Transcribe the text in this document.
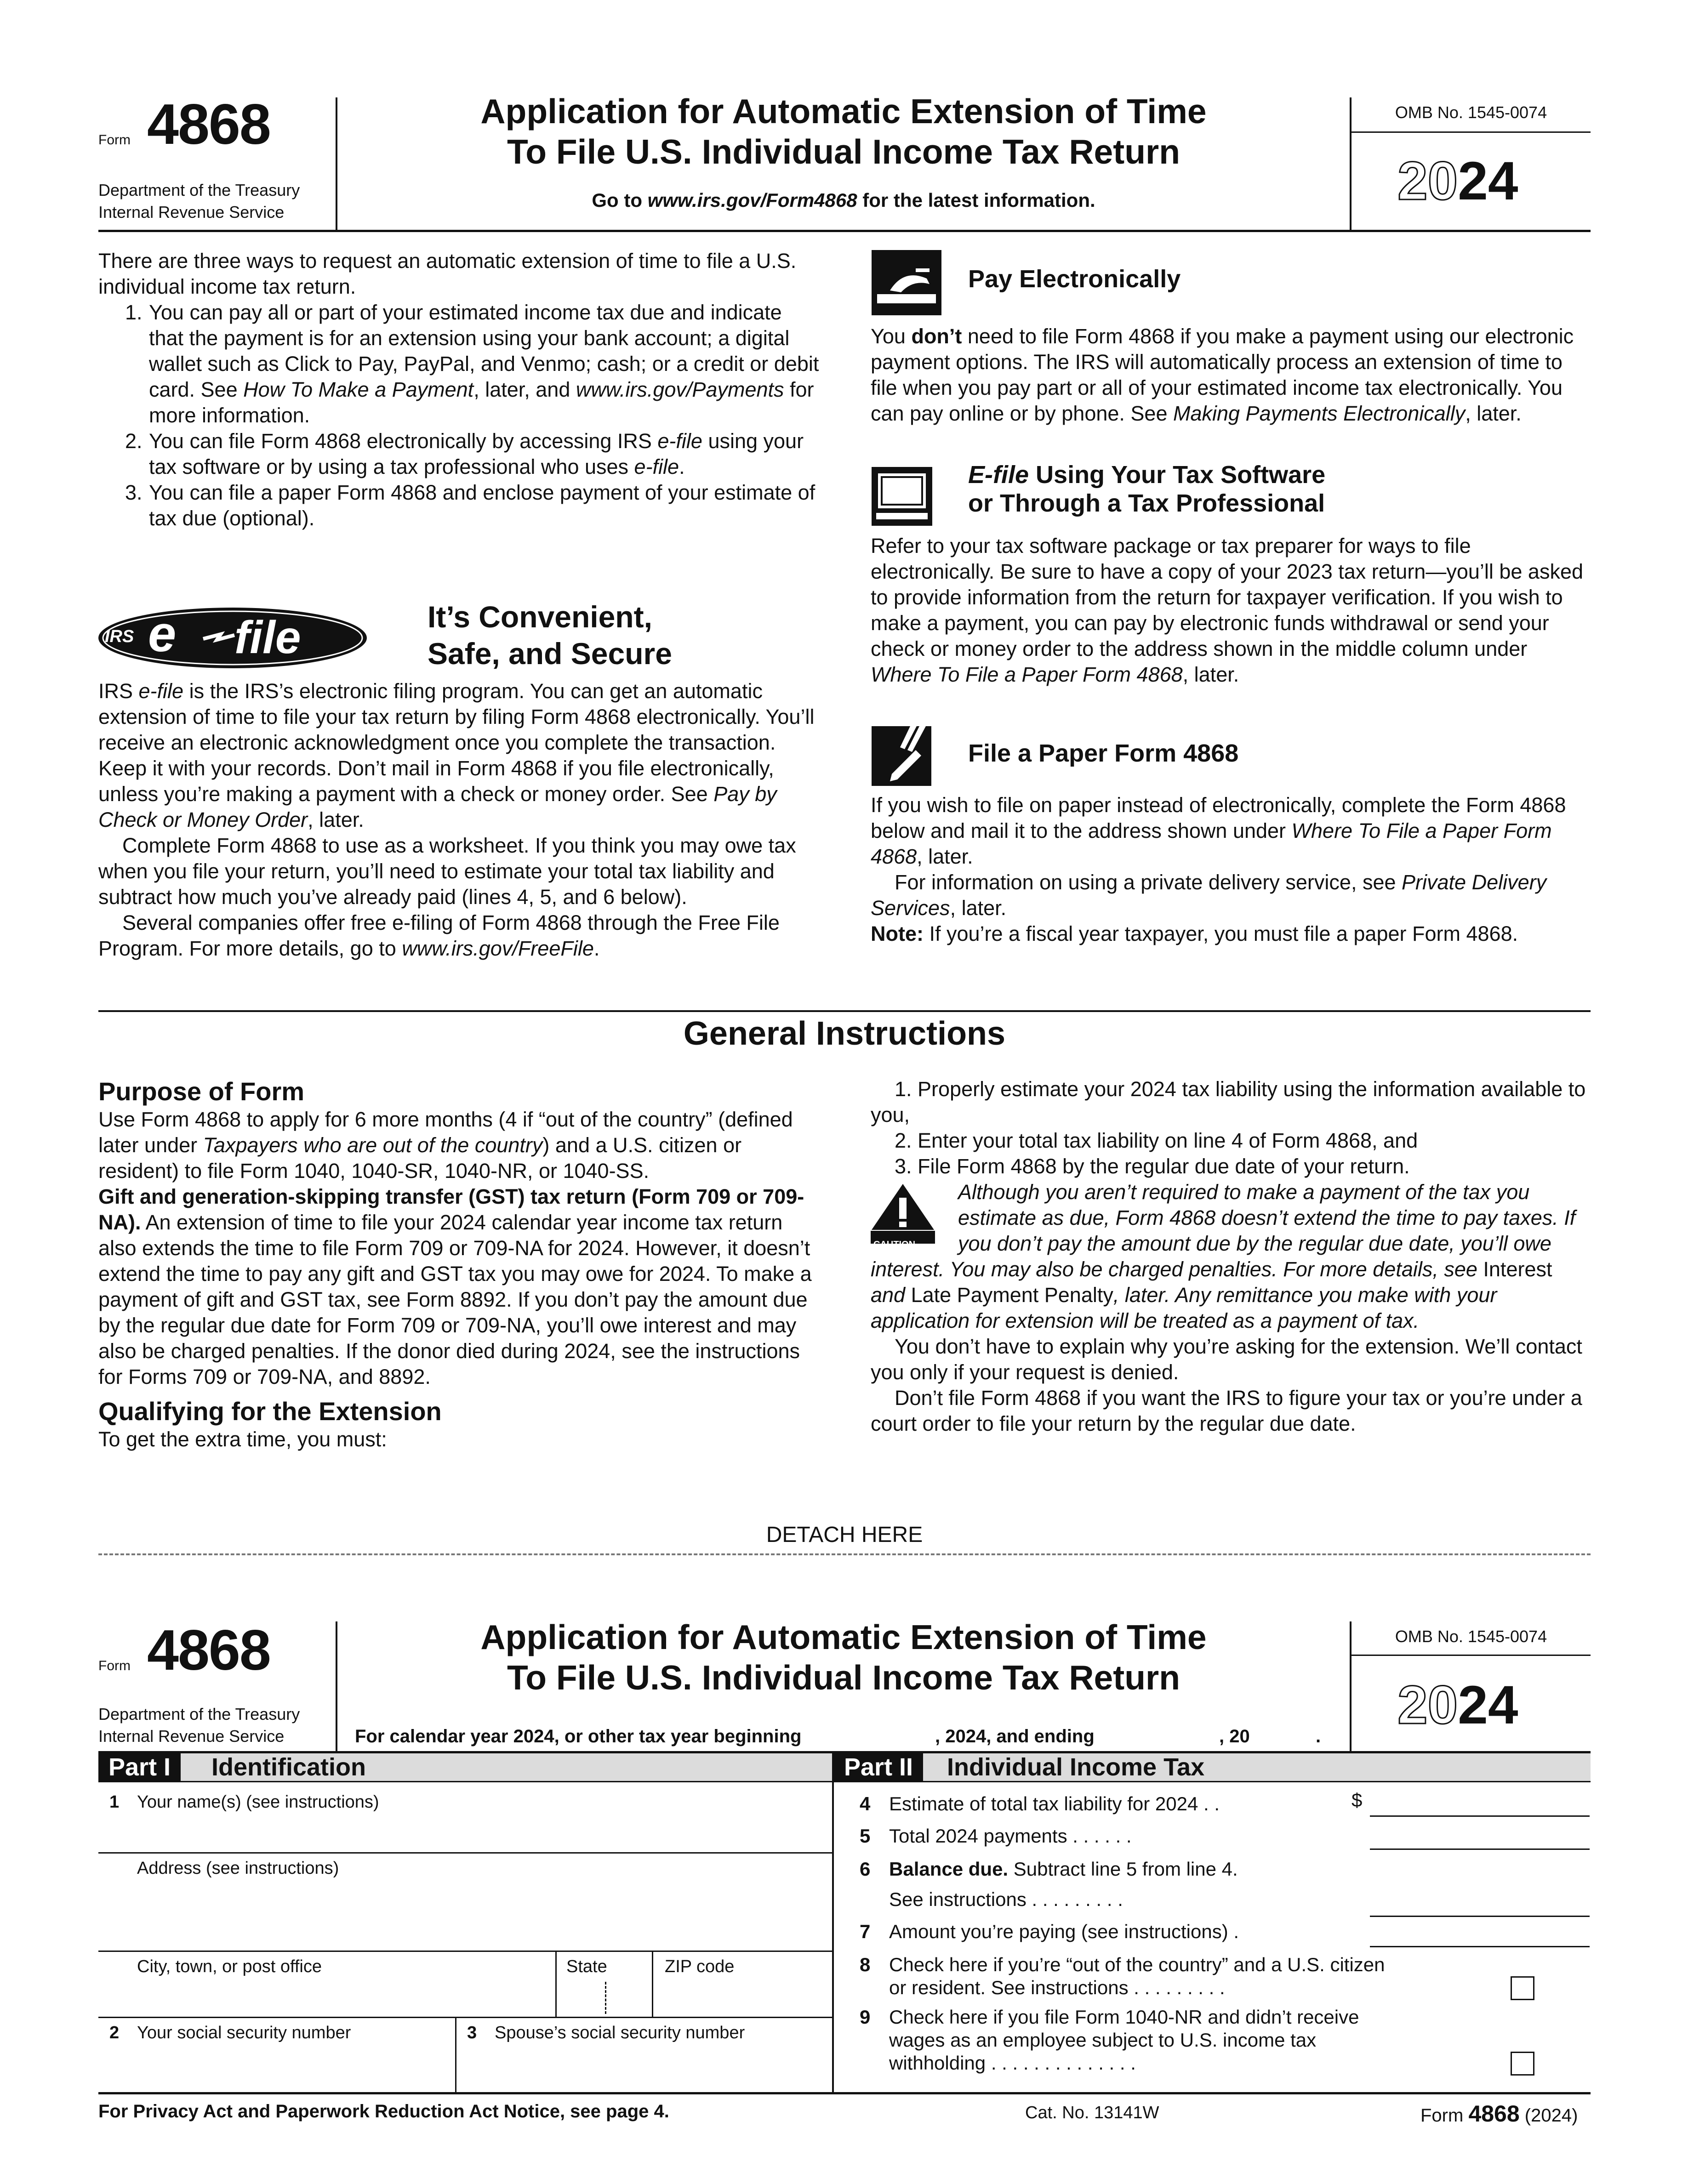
Form 4868
Department of the Treasury
Internal Revenue Service
Application for Automatic Extension of Time
To File U.S. Individual Income Tax Return
Go to www.irs.gov/Form4868 for the latest information.
OMB No. 1545-0074
2024

There are three ways to request an automatic extension of time to file a U.S. individual income tax return.

1. You can pay all or part of your estimated income tax due and indicate that the payment is for an extension using your bank account; a digital wallet such as Click to Pay, PayPal, and Venmo; cash; or a credit or debit card. See How To Make a Payment, later, and www.irs.gov/Payments for more information.
2. You can file Form 4868 electronically by accessing IRS e-file using your tax software or by using a tax professional who uses e-file.
3. You can file a paper Form 4868 and enclose payment of your estimate of tax due (optional).
IRS e file	It’s Convenient,
Safe, and Secure

IRS e-file is the IRS’s electronic filing program. You can get an automatic extension of time to file your tax return by filing Form 4868 electronically. You’ll receive an electronic acknowledgment once you complete the transaction. Keep it with your records. Don’t mail in Form 4868 if you file electronically, unless you’re making a payment with a check or money order. See Pay by Check or Money Order, later.

Complete Form 4868 to use as a worksheet. If you think you may owe tax when you file your return, you’ll need to estimate your total tax liability and subtract how much you’ve already paid (lines 4, 5, and 6 below).

Several companies offer free e-filing of Form 4868 through the Free File Program. For more details, go to www.irs.gov/FreeFile.

Pay Electronically

You don’t need to file Form 4868 if you make a payment using our electronic payment options. The IRS will automatically process an extension of time to file when you pay part or all of your estimated income tax electronically. You can pay online or by phone. See Making Payments Electronically, later.

E-file Using Your Tax Software
or Through a Tax Professional

Refer to your tax software package or tax preparer for ways to file electronically. Be sure to have a copy of your 2023 tax return—you’ll be asked to provide information from the return for taxpayer verification. If you wish to make a payment, you can pay by electronic funds withdrawal or send your check or money order to the address shown in the middle column under Where To File a Paper Form 4868, later.

File a Paper Form 4868

If you wish to file on paper instead of electronically, complete the Form 4868 below and mail it to the address shown under Where To File a Paper Form 4868, later.

For information on using a private delivery service, see Private Delivery Services, later.

Note: If you’re a fiscal year taxpayer, you must file a paper Form 4868.

General Instructions
Purpose of Form
Use Form 4868 to apply for 6 more months (4 if “out of the country” (defined later under Taxpayers who are out of the country) and a U.S. citizen or resident) to file Form 1040, 1040-SR, 1040-NR, or 1040-SS.
Gift and generation-skipping transfer (GST) tax return (Form 709 or 709-NA). An extension of time to file your 2024 calendar year income tax return also extends the time to file Form 709 or 709-NA for 2024. However, it doesn’t extend the time to pay any gift and GST tax you may owe for 2024. To make a payment of gift and GST tax, see Form 8892. If you don’t pay the amount due by the regular due date for Form 709 or 709-NA, you’ll owe interest and may also be charged penalties. If the donor died during 2024, see the instructions for Forms 709 or 709-NA, and 8892.
Qualifying for the Extension
To get the extra time, you must:

1. Properly estimate your 2024 tax liability using the information available to you,

2. Enter your total tax liability on line 4 of Form 4868, and

3. File Form 4868 by the regular due date of your return.

CAUTION

Although you aren’t required to make a payment of the tax you estimate as due, Form 4868 doesn’t extend the time to pay taxes. If you don’t pay the amount due by the regular due date, you’ll owe interest. You may also be charged penalties. For more details, see Interest and Late Payment Penalty, later. Any remittance you make with your application for extension will be treated as a payment of tax.

You don’t have to explain why you’re asking for the extension. We’ll contact you only if your request is denied.

Don’t file Form 4868 if you want the IRS to figure your tax or you’re under a court order to file your return by the regular due date.

DETACH HERE
Form 4868
Department of the Treasury
Internal Revenue Service
Application for Automatic Extension of Time
To File U.S. Individual Income Tax Return
For calendar year 2024, or other tax year beginning	, 2024, and ending	, 20	.
OMB No. 1545-0074
2024
Part I	Identification	Part II	Individual Income Tax
1 Your name(s) (see instructions)
Address (see instructions)
City, town, or post office	State	ZIP code
2 Your social security number	3 Spouse’s social security number
4 Estimate of total tax liability for 2024 . .	$
5 Total 2024 payments . . . . . .
6 Balance due. Subtract line 5 from line 4.
See instructions . . . . . . . . .
7 Amount you’re paying (see instructions) .
8 Check here if you’re “out of the country” and a U.S. citizen
or resident. See instructions . . . . . . . . .
9 Check here if you file Form 1040-NR and didn’t receive
wages as an employee subject to U.S. income tax
withholding . . . . . . . . . . . . . .
For Privacy Act and Paperwork Reduction Act Notice, see page 4.	Cat. No. 13141W	Form 4868 (2024)
